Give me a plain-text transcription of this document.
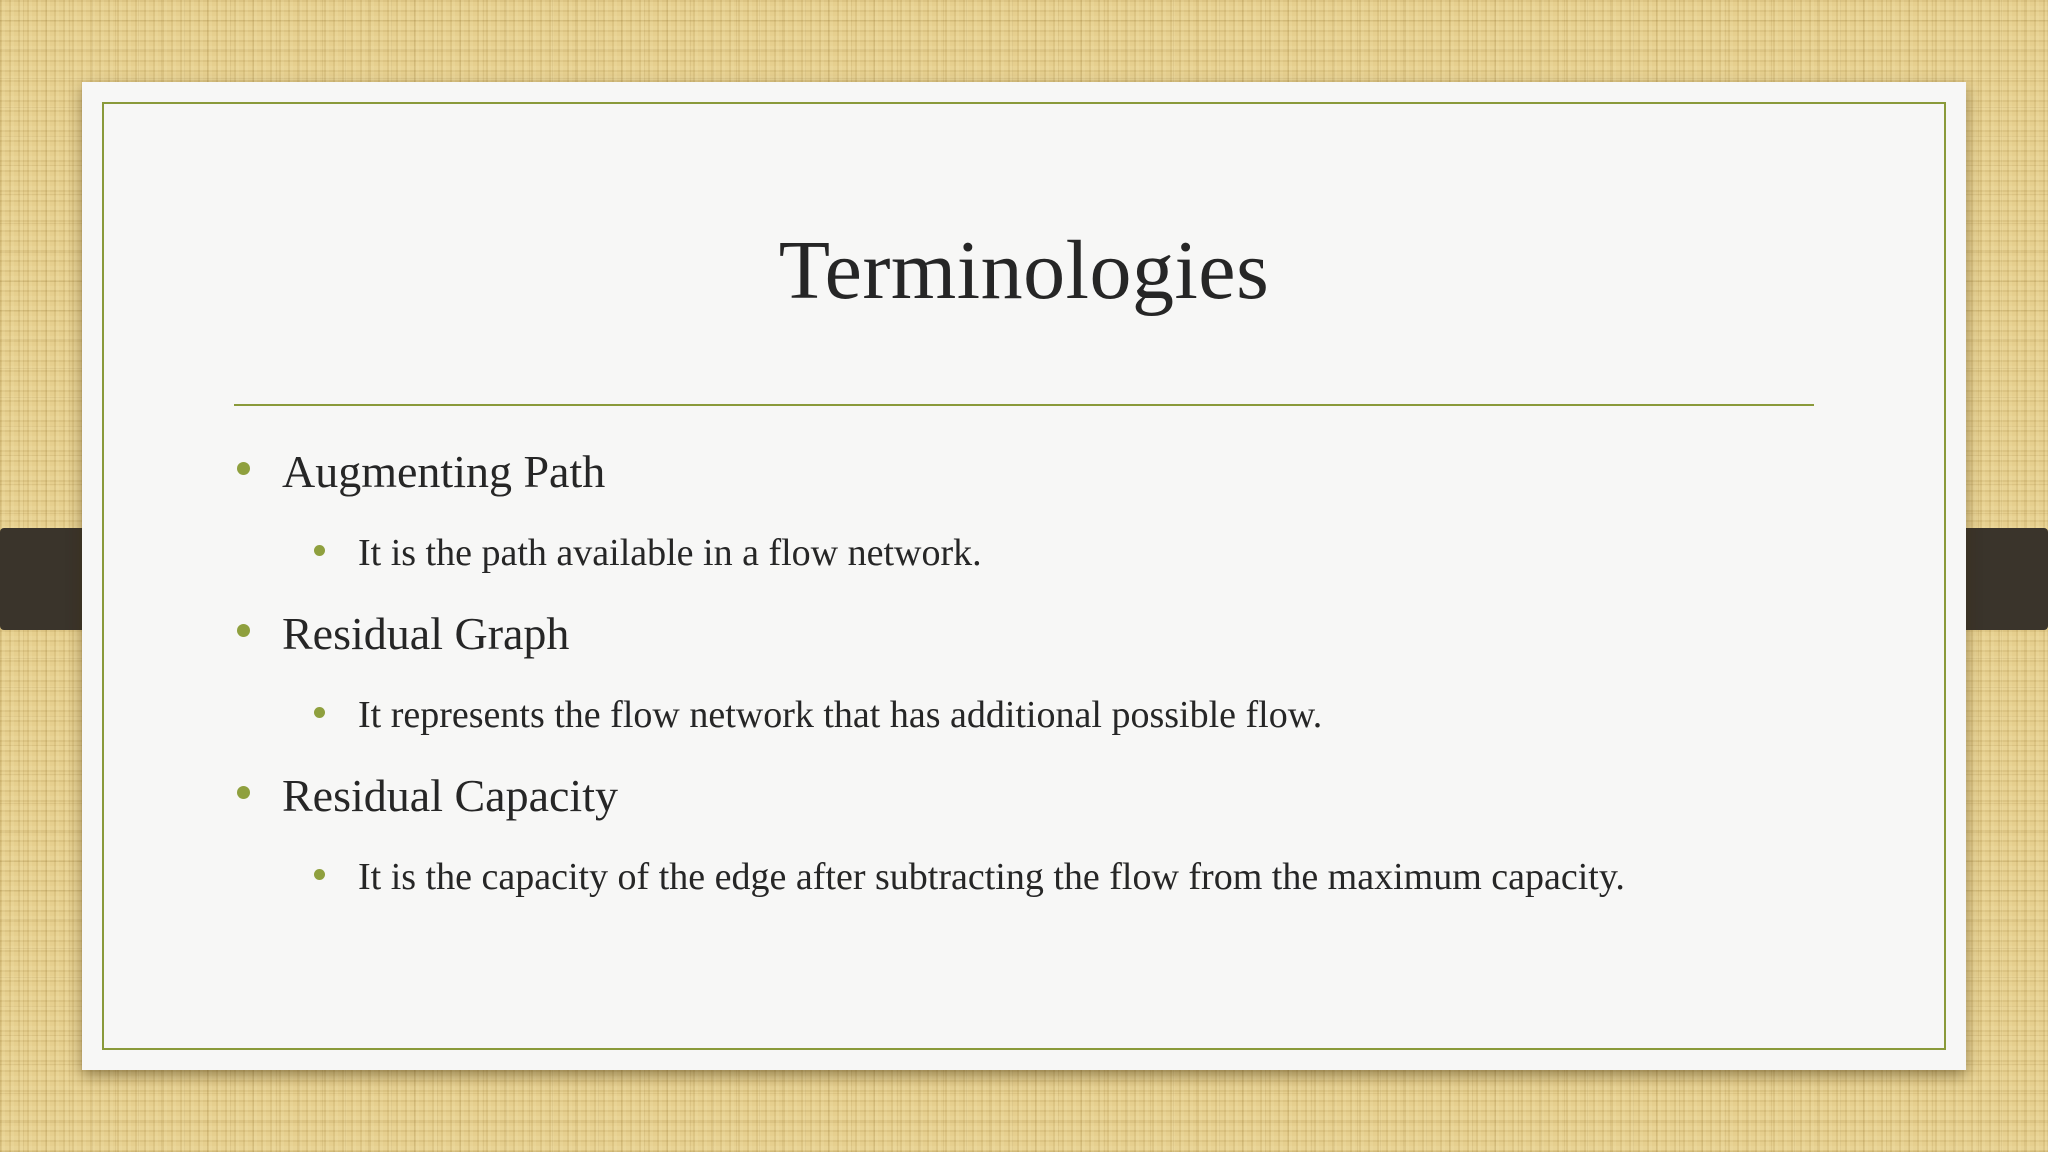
Terminologies
Augmenting Path
It is the path available in a flow network.
Residual Graph
It represents the flow network that has additional possible flow.
Residual Capacity
It is the capacity of the edge after subtracting the flow from the maximum capacity.
